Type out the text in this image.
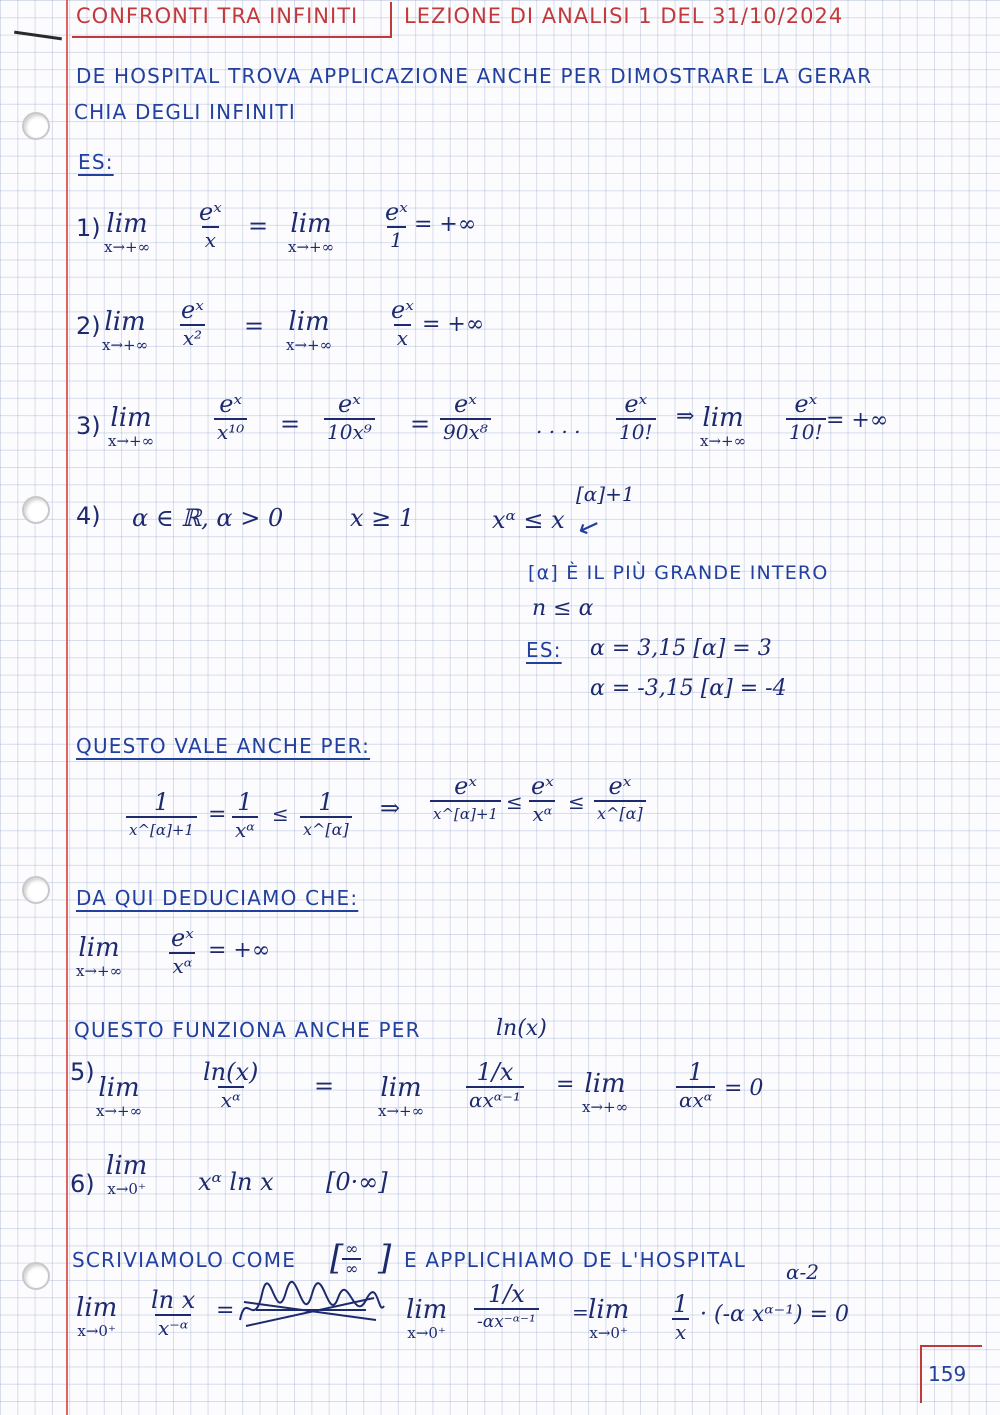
CONFRONTI TRA INFINITI LEZIONE DI ANALISI 1 DEL 31/10/2024
DE HOSPITAL TROVA APPLICAZIONE ANCHE PER DIMOSTRARE LA GERAR
CHIA DEGLI INFINITI
ES:
1) lim
x→+∞
eˣ
x = lim
x→+∞
eˣ
1
= +∞
2) lim
x→+∞
eˣ
x² = lim
x→+∞
eˣ
x
= +∞
3) lim
x→+∞
eˣ
x¹⁰ =
eˣ
10x⁹ =
eˣ
90x⁸ . . . .
eˣ
10!
⇒ lim
x→+∞
eˣ
10! = +∞
4) α ∈ ℝ, α > 0	x ≥ 1	xᵅ ≤ x
[α]+1
↙
[α] È IL PIÙ GRANDE INTERO
n ≤ α
ES: α = 3,15 [α] = 3
α = -3,15 [α] = -4
QUESTO VALE ANCHE PER:
1
x^[α]+1
= 1
xᵅ
≤ 1
x^[α]
⇒
eˣ
x^[α]+1 ≤
eˣ
xᵅ ≤
eˣ
x^[α]
DA QUI DEDUCIAMO CHE:
lim
x→+∞
eˣ
xᵅ
= +∞
QUESTO FUNZIONA ANCHE PER	ln(x)
5)
lim
x→+∞
ln(x)
xᵅ	= lim
x→+∞
1/x
αxᵅ⁻¹
= lim
x→+∞
1
αxᵅ = 0
6)
lim
x→0⁺ xᵅ ln x [0·∞]
SCRIVIAMOLO COME [ ∞
∞ ] E APPLICHIAMO DE L'HOSPITAL
lim
x→0⁺
ln x
x⁻ᵅ
=	lim
x→0⁺
1/x
-αx⁻ᵅ⁻¹ = lim
x→0⁺
1
x
· (-α xᵅ⁻¹) = 0
α-2
159
